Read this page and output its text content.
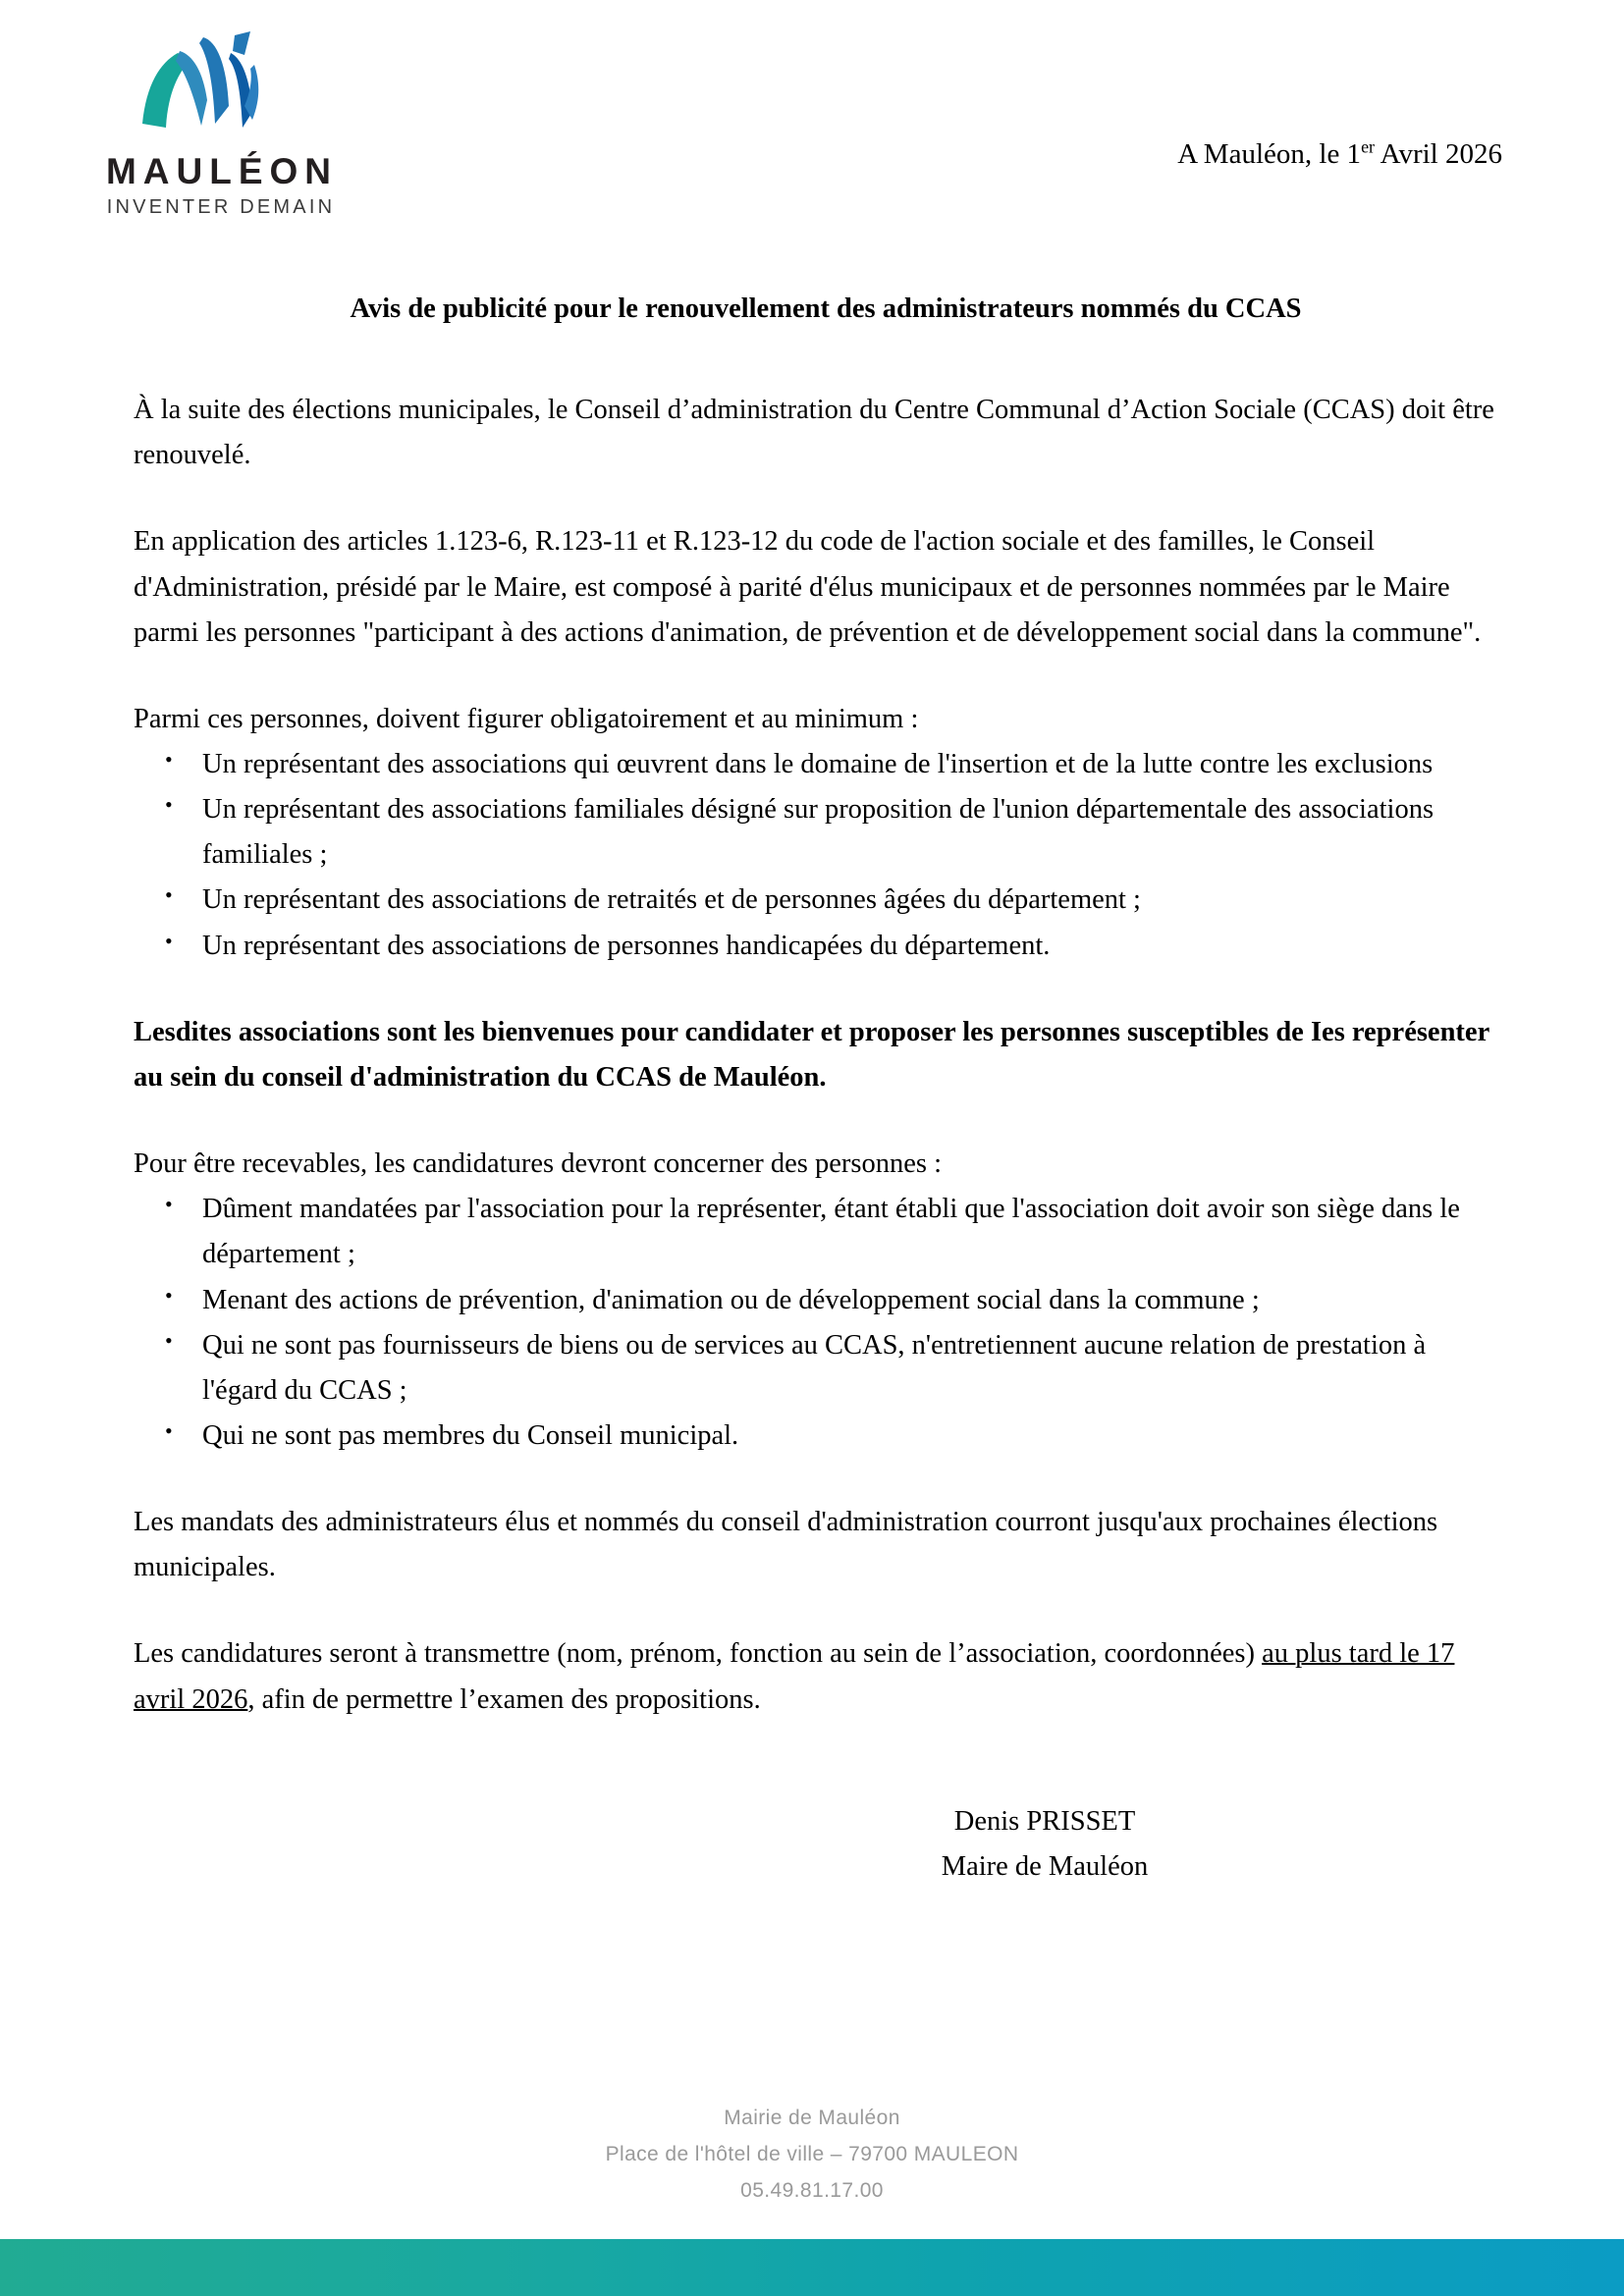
MAULÉON
INVENTER DEMAIN
A Mauléon, le 1er Avril 2026
Avis de publicité pour le renouvellement des administrateurs nommés du CCAS

À la suite des élections municipales, le Conseil d’administration du Centre Communal d’Action Sociale (CCAS) doit être renouvelé.

En application des articles 1.123-6, R.123-11 et R.123-12 du code de l'action sociale et des familles, le Conseil d'Administration, présidé par le Maire, est composé à parité d'élus municipaux et de personnes nommées par le Maire parmi les personnes "participant à des actions d'animation, de prévention et de développement social dans la commune".

Parmi ces personnes, doivent figurer obligatoirement et au minimum :

• Un représentant des associations qui œuvrent dans le domaine de l'insertion et de la lutte contre les exclusions
• Un représentant des associations familiales désigné sur proposition de l'union départementale des associations familiales ;
• Un représentant des associations de retraités et de personnes âgées du département ;
• Un représentant des associations de personnes handicapées du département.

Lesdites associations sont les bienvenues pour candidater et proposer les personnes susceptibles de Ies représenter au sein du conseil d'administration du CCAS de Mauléon.

Pour être recevables, les candidatures devront concerner des personnes :

• Dûment mandatées par l'association pour la représenter, étant établi que l'association doit avoir son siège dans le département ;
• Menant des actions de prévention, d'animation ou de développement social dans la commune ;
• Qui ne sont pas fournisseurs de biens ou de services au CCAS, n'entretiennent aucune relation de prestation à l'égard du CCAS ;
• Qui ne sont pas membres du Conseil municipal.

Les mandats des administrateurs élus et nommés du conseil d'administration courront jusqu'aux prochaines élections municipales.

Les candidatures seront à transmettre (nom, prénom, fonction au sein de l’association, coordonnées) au plus tard le 17 avril 2026, afin de permettre l’examen des propositions.

Denis PRISSET
Maire de Mauléon
Mairie de Mauléon
Place de l'hôtel de ville – 79700 MAULEON
05.49.81.17.00
